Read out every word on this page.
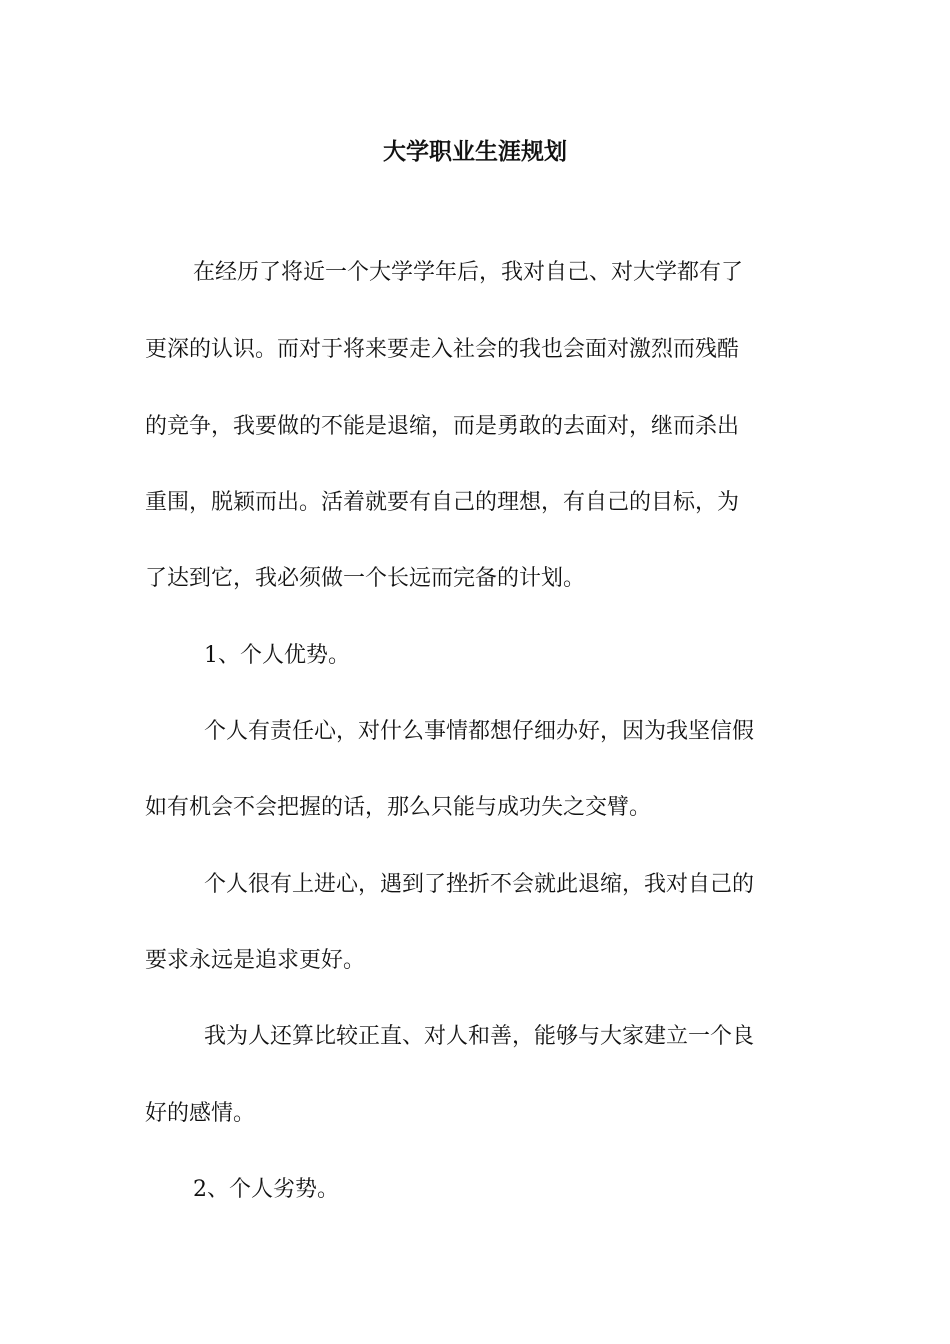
大学职业生涯规划

在经历了将近一个大学学年后，我对自己、对大学都有了

更深的认识。而对于将来要走入社会的我也会面对激烈而残酷

的竞争，我要做的不能是退缩，而是勇敢的去面对，继而杀出

重围，脱颖而出。活着就要有自己的理想，有自己的目标，为

了达到它，我必须做一个长远而完备的计划。

1、个人优势。

个人有责任心，对什么事情都想仔细办好，因为我坚信假

如有机会不会把握的话，那么只能与成功失之交臂。

个人很有上进心，遇到了挫折不会就此退缩，我对自己的

要求永远是追求更好。

我为人还算比较正直、对人和善，能够与大家建立一个良

好的感情。

2、个人劣势。
